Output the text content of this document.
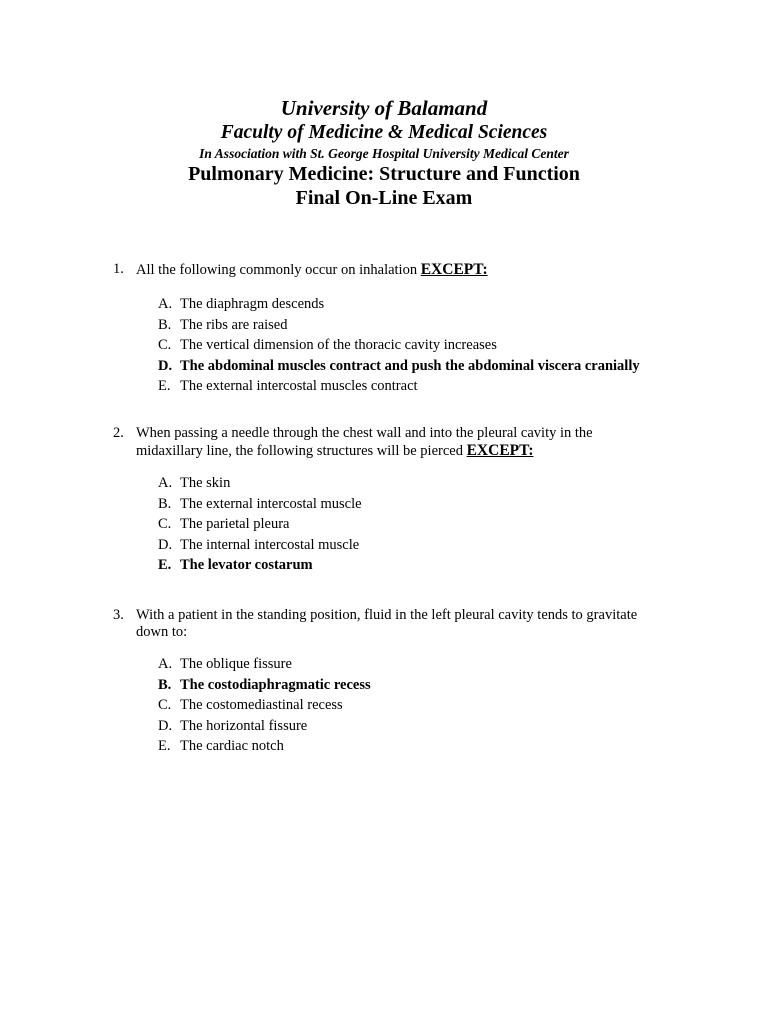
University of Balamand
Faculty of Medicine & Medical Sciences
In Association with St. George Hospital University Medical Center
Pulmonary Medicine: Structure and Function
Final On-Line Exam
1. All the following commonly occur on inhalation EXCEPT:
A. The diaphragm descends
B. The ribs are raised
C. The vertical dimension of the thoracic cavity increases
D. The abdominal muscles contract and push the abdominal viscera cranially
E. The external intercostal muscles contract
2. When passing a needle through the chest wall and into the pleural cavity in the
midaxillary line, the following structures will be pierced EXCEPT:
A. The skin
B. The external intercostal muscle
C. The parietal pleura
D. The internal intercostal muscle
E. The levator costarum
3. With a patient in the standing position, fluid in the left pleural cavity tends to gravitate
down to:
A. The oblique fissure
B. The costodiaphragmatic recess
C. The costomediastinal recess
D. The horizontal fissure
E. The cardiac notch
